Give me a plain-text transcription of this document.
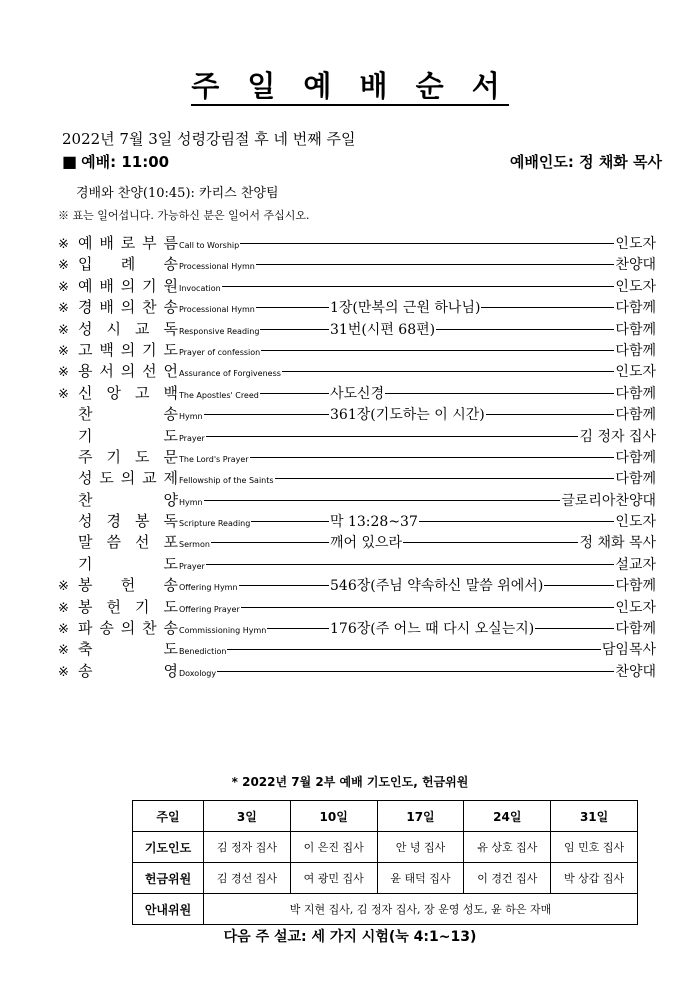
주 일 예 배 순 서
2022년 7월 3일 성령강림절 후 네 번째 주일
■ 예배: 11:00	예배인도: 정 채화 목사
경배와 찬양(10:45): 카리스 찬양팀
※ 표는 일어섭니다. 가능하신 분은 일어서 주십시오.
※ 예 배 로 부 름 Call to Worship	인도자
※ 입 례 송 Processional Hymn	찬양대
※ 예 배 의 기 원 Invocation	인도자
※ 경 배 의 찬 송 Processional Hymn	1장(만복의 근원 하나님)	다함께
※ 성 시 교 독 Responsive Reading	31번(시편 68편)	다함께
※ 고 백 의 기 도 Prayer of confession	다함께
※ 용 서 의 선 언 Assurance of Forgiveness	인도자
※ 신 앙 고 백 The Apostles' Creed	사도신경	다함께
찬	송 Hymn	361장(기도하는 이 시간)	다함께
기	도 Prayer	김 정자 집사
주 기 도 문 The Lord's Prayer	다함께
성 도 의 교 제 Fellowship of the Saints	다함께
찬	양 Hymn	글로리아찬양대
성 경 봉 독 Scripture Reading	막 13:28~37	인도자
말 씀 선 포 Sermon	깨어 있으라	정 채화 목사
기	도 Prayer	설교자
※ 봉 헌 송 Offering Hymn	546장(주님 약속하신 말씀 위에서)	다함께
※ 봉 헌 기 도 Offering Prayer	인도자
※ 파 송 의 찬 송 Commissioning Hymn	176장(주 어느 때 다시 오실는지)	다함께
※ 축	도 Benediction	담임목사
※ 송	영 Doxology	찬양대
* 2022년 7월 2부 예배 기도인도, 헌금위원
주일	3일	10일	17일	24일	31일
기도인도	김 정자 집사	이 은진 집사	안 녕 집사	유 상호 집사	임 민호 집사
헌금위원	김 경선 집사	여 광민 집사	윤 태덕 집사	이 경건 집사	박 상갑 집사
안내위원	박 지현 집사, 김 정자 집사, 장 운영 성도, 윤 하은 자매				
다음 주 설교: 세 가지 시험(눅 4:1~13)
